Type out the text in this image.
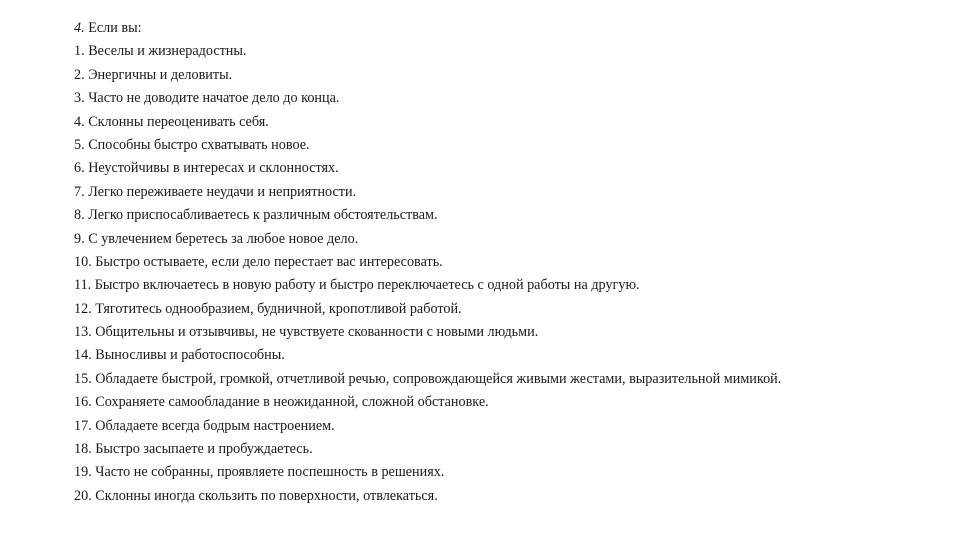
4. Если вы:
1. Веселы и жизнерадостны.
2. Энергичны и деловиты.
3. Часто не доводите начатое дело до конца.
4. Склонны переоценивать себя.
5. Способны быстро схватывать новое.
6. Неустойчивы в интересах и склонностях.
7. Легко переживаете неудачи и неприятности.
8. Легко приспосабливаетесь к различным обстоятельствам.
9. С увлечением беретесь за любое новое дело.
10. Быстро остываете, если дело перестает вас интересовать.
11. Быстро включаетесь в новую работу и быстро переключаетесь с одной работы на другую.
12. Тяготитесь однообразием, будничной, кропотливой работой.
13. Общительны и отзывчивы, не чувствуете скованности с новыми людьми.
14. Выносливы и работоспособны.
15. Обладаете быстрой, громкой, отчетливой речью, сопровождающейся живыми жестами, выразительной мимикой.
16. Сохраняете самообладание в неожиданной, сложной обстановке.
17. Обладаете всегда бодрым настроением.
18. Быстро засыпаете и пробуждаетесь.
19. Часто не собранны, проявляете поспешность в решениях.
20. Склонны иногда скользить по поверхности, отвлекаться.
